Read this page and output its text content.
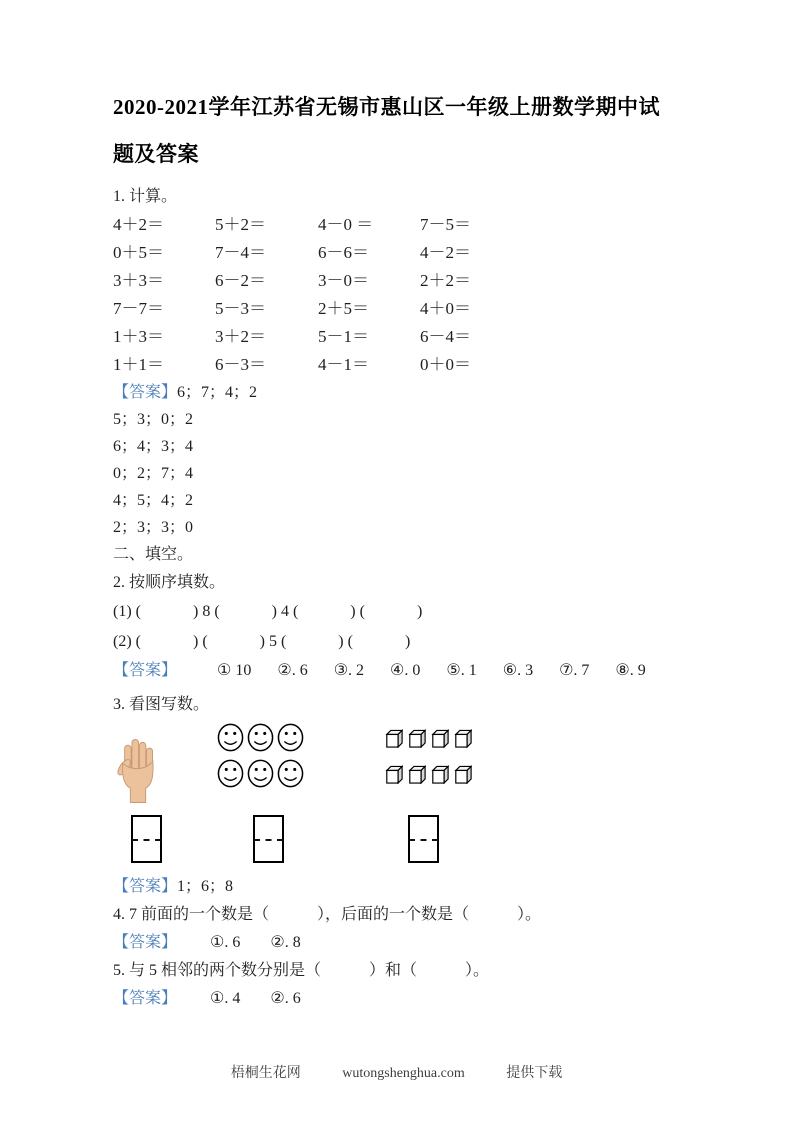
2020-2021学年江苏省无锡市惠山区一年级上册数学期中试
题及答案
1. 计算。
4＋2＝	5＋2＝	4－0 ＝	7－5＝
0＋5＝	7－4＝	6－6＝	4－2＝
3＋3＝	6－2＝	3－0＝	2＋2＝
7－7＝	5－3＝	2＋5＝	4＋0＝
1＋3＝	3＋2＝	5－1＝	6－4＝
1＋1＝	6－3＝	4－1＝	0＋0＝
【答案】6；7；4；2
5；3；0；2
6；4；3；4
0；2；7；4
4；5；4；2
2；3；3；0
二、填空。
2. 按顺序填数。
(1) (　　　 ) 8 (　　　 ) 4 (　　　 ) (　　　 )
(2) (　　　 ) (　　　 ) 5 (　　　 ) (　　　 )
【答案】	① 10 ②. 6 ③. 2 ④. 0 ⑤. 1 ⑥. 3 ⑦. 7 ⑧. 9
3. 看图写数。
【答案】1；6；8
4. 7 前面的一个数是（　　　），后面的一个数是（　　　）。
【答案】 ①. 6 ②. 8
5. 与 5 相邻的两个数分别是（　　　）和（　　　）。
【答案】 ①. 4 ②. 6
梧桐生花网	wutongshenghua.com	提供下载
